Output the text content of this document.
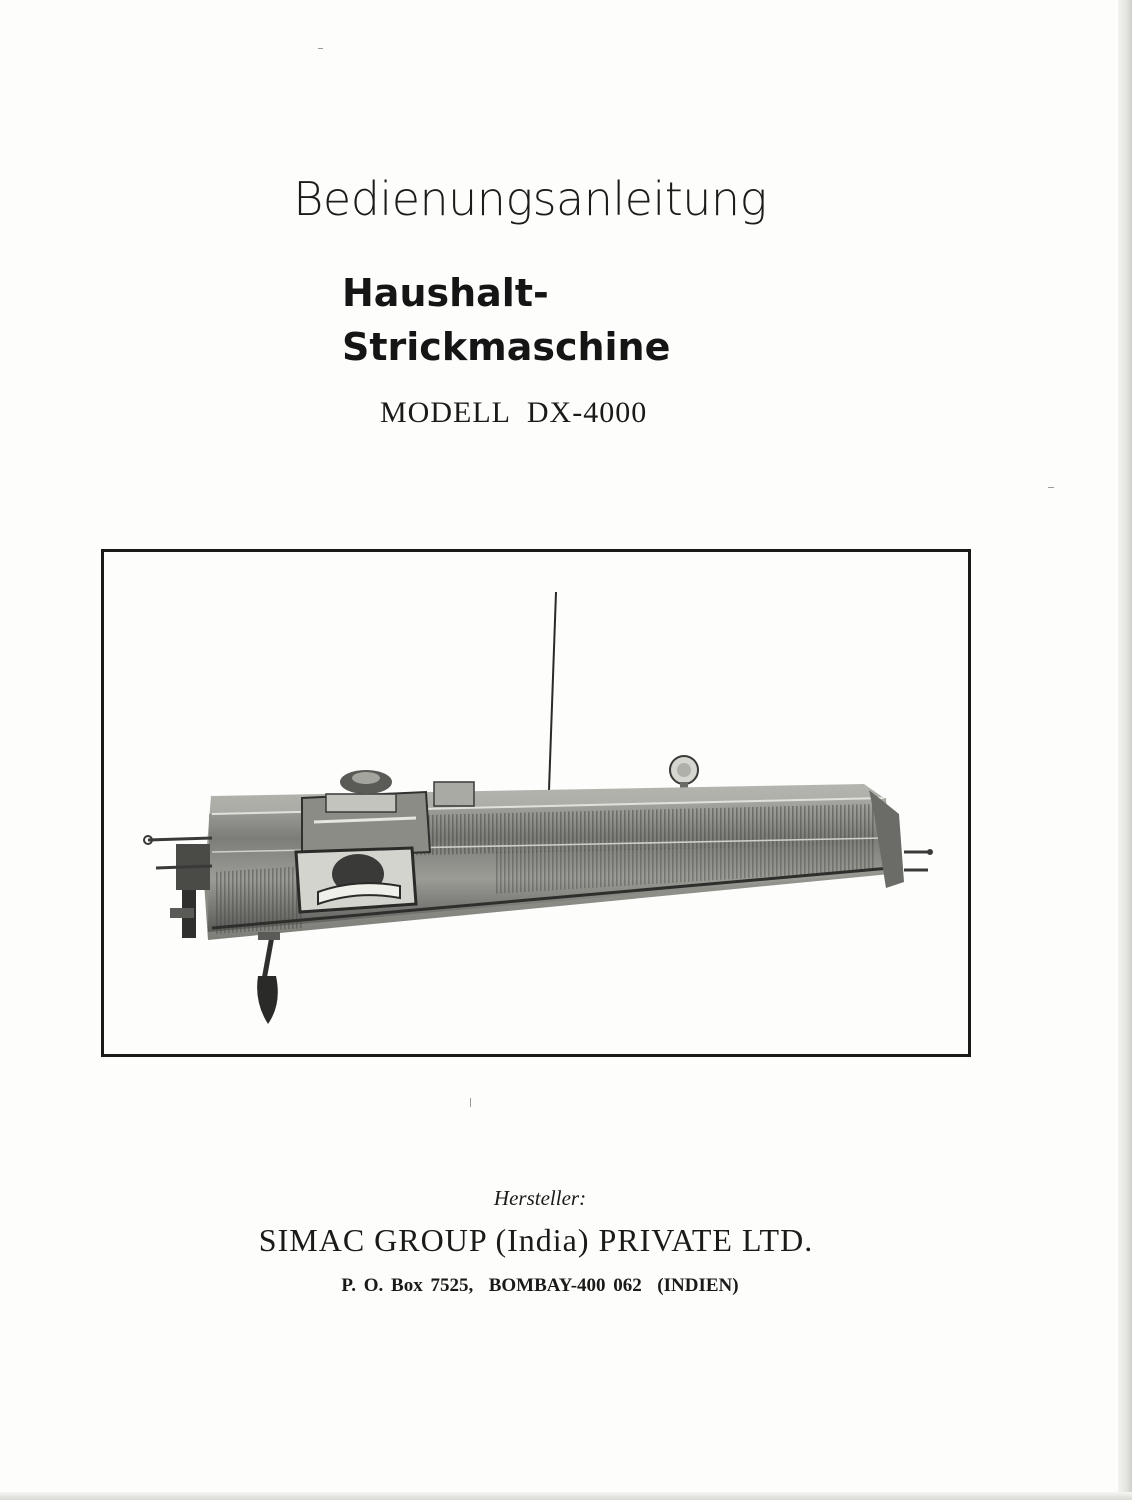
Bedienungsanleitung
Haushalt-
Strickmaschine
MODELL  DX-4000
Hersteller:
SIMAC GROUP (India) PRIVATE LTD.
P. O. Box 7525,  BOMBAY-400 062  (INDIEN)
